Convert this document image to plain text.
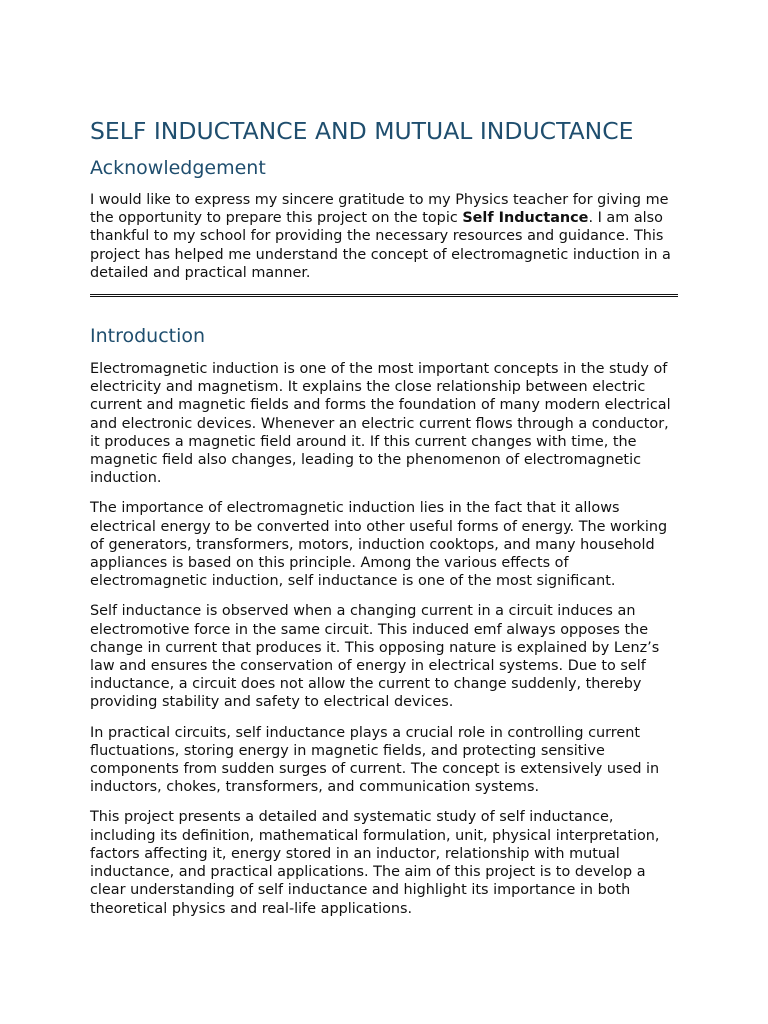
SELF INDUCTANCE AND MUTUAL INDUCTANCE
Acknowledgement

I would like to express my sincere gratitude to my Physics teacher for giving me the opportunity to prepare this project on the topic Self Inductance. I am also thankful to my school for providing the necessary resources and guidance. This project has helped me understand the concept of electromagnetic induction in a detailed and practical manner.

Introduction

Electromagnetic induction is one of the most important concepts in the study of electricity and magnetism. It explains the close relationship between electric current and magnetic fields and forms the foundation of many modern electrical and electronic devices. Whenever an electric current flows through a conductor, it produces a magnetic field around it. If this current changes with time, the magnetic field also changes, leading to the phenomenon of electromagnetic induction.

The importance of electromagnetic induction lies in the fact that it allows electrical energy to be converted into other useful forms of energy. The working of generators, transformers, motors, induction cooktops, and many household appliances is based on this principle. Among the various effects of electromagnetic induction, self inductance is one of the most significant.

Self inductance is observed when a changing current in a circuit induces an electromotive force in the same circuit. This induced emf always opposes the change in current that produces it. This opposing nature is explained by Lenz’s law and ensures the conservation of energy in electrical systems. Due to self inductance, a circuit does not allow the current to change suddenly, thereby providing stability and safety to electrical devices.

In practical circuits, self inductance plays a crucial role in controlling current fluctuations, storing energy in magnetic fields, and protecting sensitive components from sudden surges of current. The concept is extensively used in inductors, chokes, transformers, and communication systems.

This project presents a detailed and systematic study of self inductance, including its definition, mathematical formulation, unit, physical interpretation, factors affecting it, energy stored in an inductor, relationship with mutual inductance, and practical applications. The aim of this project is to develop a clear understanding of self inductance and highlight its importance in both theoretical physics and real-life applications.
